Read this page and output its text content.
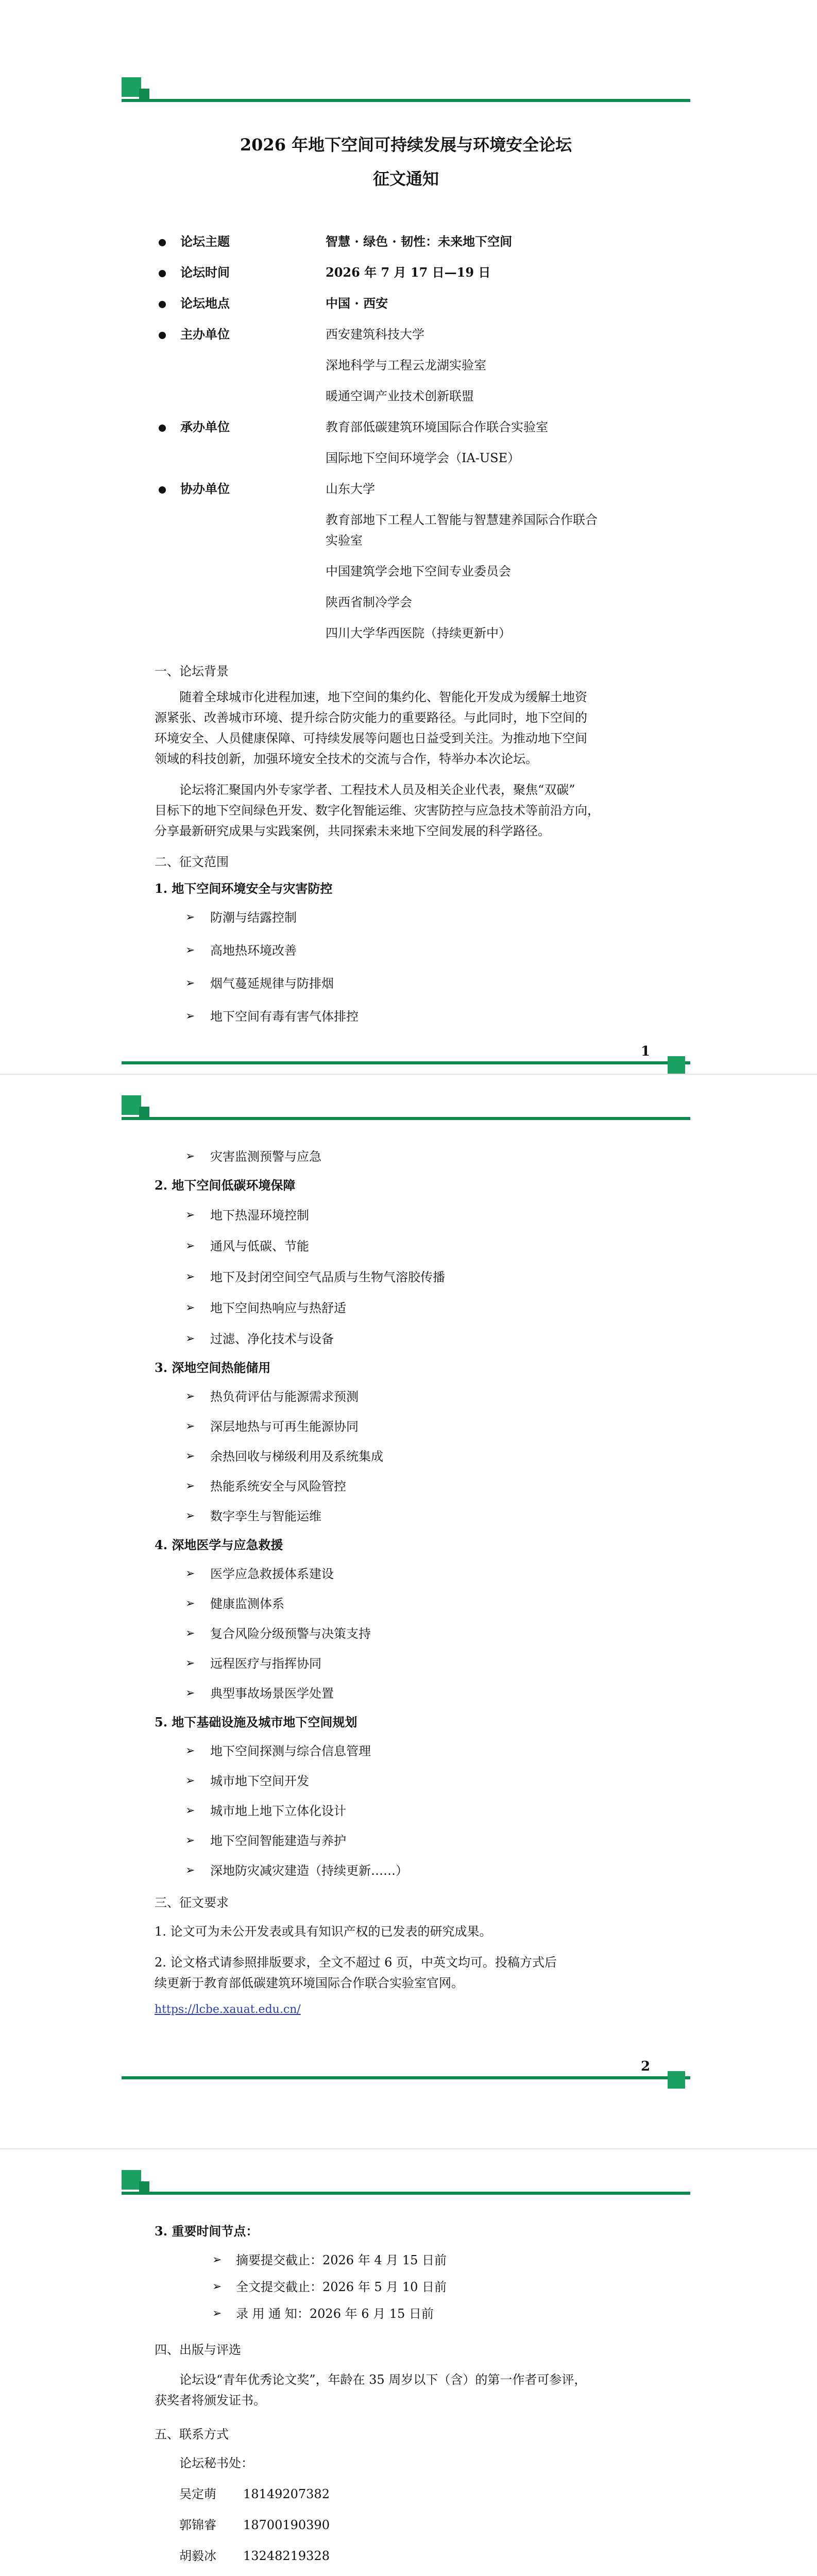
2026 年地下空间可持续发展与环境安全论坛
征文通知
论坛主题	智慧 · 绿色 · 韧性：未来地下空间
论坛时间	2026 年 7 月 17 日—19 日
论坛地点	中国 · 西安
主办单位	西安建筑科技大学
深地科学与工程云龙湖实验室
暖通空调产业技术创新联盟
承办单位	教育部低碳建筑环境国际合作联合实验室
国际地下空间环境学会（IA-USE）
协办单位	山东大学
教育部地下工程人工智能与智慧建养国际合作联合
实验室
中国建筑学会地下空间专业委员会
陕西省制冷学会
四川大学华西医院（持续更新中）
一、论坛背景
随着全球城市化进程加速，地下空间的集约化、智能化开发成为缓解土地资
源紧张、改善城市环境、提升综合防灾能力的重要路径。与此同时，地下空间的
环境安全、人员健康保障、可持续发展等问题也日益受到关注。为推动地下空间
领域的科技创新，加强环境安全技术的交流与合作，特举办本次论坛。
论坛将汇聚国内外专家学者、工程技术人员及相关企业代表，聚焦“双碳”
目标下的地下空间绿色开发、数字化智能运维、灾害防控与应急技术等前沿方向，
分享最新研究成果与实践案例，共同探索未来地下空间发展的科学路径。
二、征文范围
1. 地下空间环境安全与灾害防控
➢ 防潮与结露控制
➢ 高地热环境改善
➢ 烟气蔓延规律与防排烟
➢ 地下空间有毒有害气体排控
1
➢ 灾害监测预警与应急
2. 地下空间低碳环境保障
➢ 地下热湿环境控制
➢ 通风与低碳、节能
➢ 地下及封闭空间空气品质与生物气溶胶传播
➢ 地下空间热响应与热舒适
➢ 过滤、净化技术与设备
3. 深地空间热能储用
➢ 热负荷评估与能源需求预测
➢ 深层地热与可再生能源协同
➢ 余热回收与梯级利用及系统集成
➢ 热能系统安全与风险管控
➢ 数字孪生与智能运维
4. 深地医学与应急救援
➢ 医学应急救援体系建设
➢ 健康监测体系
➢ 复合风险分级预警与决策支持
➢ 远程医疗与指挥协同
➢ 典型事故场景医学处置
5. 地下基础设施及城市地下空间规划
➢ 地下空间探测与综合信息管理
➢ 城市地下空间开发
➢ 城市地上地下立体化设计
➢ 地下空间智能建造与养护
➢ 深地防灾减灾建造（持续更新……）
三、征文要求
1. 论文可为未公开发表或具有知识产权的已发表的研究成果。
2. 论文格式请参照排版要求，全文不超过 6 页，中英文均可。投稿方式后
续更新于教育部低碳建筑环境国际合作联合实验室官网。
https://lcbe.xauat.edu.cn/
2
3. 重要时间节点：
➢ 摘要提交截止：2026 年 4 月 15 日前
➢ 全文提交截止：2026 年 5 月 10 日前
➢ 录 用 通 知：2026 年 6 月 15 日前
四、出版与评选
论坛设“青年优秀论文奖”，年龄在 35 周岁以下（含）的第一作者可参评，
获奖者将颁发证书。
五、联系方式
论坛秘书处：
吴定萌 18149207382
郭锦睿 18700190390
胡毅冰 13248219328
